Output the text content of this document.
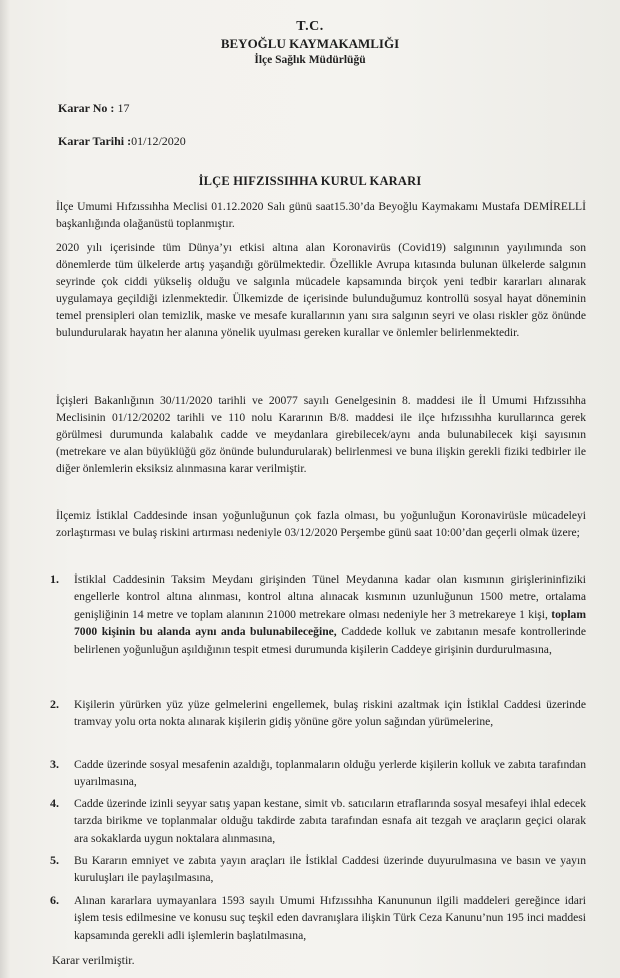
T.C.
BEYOĞLU KAYMAKAMLIĞI
İlçe Sağlık Müdürlüğü
Karar No : 17
Karar Tarihi :01/12/2020
İLÇE HIFZISSIHHA KURUL KARARI
İlçe Umumi Hıfzıssıhha Meclisi 01.12.2020 Salı günü saat15.30’da Beyoğlu Kaymakamı Mustafa DEMİRELLİ başkanlığında olağanüstü toplanmıştır.
2020 yılı içerisinde tüm Dünya’yı etkisi altına alan Koronavirüs (Covid19) salgınının yayılımında son dönemlerde tüm ülkelerde artış yaşandığı görülmektedir. Özellikle Avrupa kıtasında bulunan ülkelerde salgının seyrinde çok ciddi yükseliş olduğu ve salgınla mücadele kapsamında birçok yeni tedbir kararları alınarak uygulamaya geçildiği izlenmektedir. Ülkemizde de içerisinde bulunduğumuz kontrollü sosyal hayat döneminin temel prensipleri olan temizlik, maske ve mesafe kurallarının yanı sıra salgının seyri ve olası riskler göz önünde bulundurularak hayatın her alanına yönelik uyulması gereken kurallar ve önlemler belirlenmektedir.
İçişleri Bakanlığının 30/11/2020 tarihli ve 20077 sayılı Genelgesinin 8. maddesi ile İl Umumi Hıfzıssıhha Meclisinin 01/12/20202 tarihli ve 110 nolu Kararının B/8. maddesi ile ilçe hıfzıssıhha kurullarınca gerek görülmesi durumunda kalabalık cadde ve meydanlara girebilecek/aynı anda bulunabilecek kişi sayısının (metrekare ve alan büyüklüğü göz önünde bulundurularak) belirlenmesi ve buna ilişkin gerekli fiziki tedbirler ile diğer önlemlerin eksiksiz alınmasına karar verilmiştir.
İlçemiz İstiklal Caddesinde insan yoğunluğunun çok fazla olması, bu yoğunluğun Koronavirüsle mücadeleyi zorlaştırması ve bulaş riskini artırması nedeniyle 03/12/2020 Perşembe günü saat 10:00’dan geçerli olmak üzere;
1.	İstiklal Caddesinin Taksim Meydanı girişinden Tünel Meydanına kadar olan kısmının girişlerininfiziki engellerle kontrol altına alınması, kontrol altına alınacak kısmının uzunluğunun 1500 metre, ortalama genişliğinin 14 metre ve toplam alanının 21000 metrekare olması nedeniyle her 3 metrekareye 1 kişi, toplam 7000 kişinin bu alanda aynı anda bulunabileceğine, Caddede kolluk ve zabıtanın mesafe kontrollerinde belirlenen yoğunluğun aşıldığının tespit etmesi durumunda kişilerin Caddeye girişinin durdurulmasına,
2.	Kişilerin yürürken yüz yüze gelmelerini engellemek, bulaş riskini azaltmak için İstiklal Caddesi üzerinde tramvay yolu orta nokta alınarak kişilerin gidiş yönüne göre yolun sağından yürümelerine,
3.	Cadde üzerinde sosyal mesafenin azaldığı, toplanmaların olduğu yerlerde kişilerin kolluk ve zabıta tarafından uyarılmasına,
4.	Cadde üzerinde izinli seyyar satış yapan kestane, simit vb. satıcıların etraflarında sosyal mesafeyi ihlal edecek tarzda birikme ve toplanmalar olduğu takdirde zabıta tarafından esnafa ait tezgah ve araçların geçici olarak ara sokaklarda uygun noktalara alınmasına,
5.	Bu Kararın emniyet ve zabıta yayın araçları ile İstiklal Caddesi üzerinde duyurulmasına ve basın ve yayın kuruluşları ile paylaşılmasına,
6.	Alınan kararlara uymayanlara 1593 sayılı Umumi Hıfzıssıhha Kanununun ilgili maddeleri gereğince idari işlem tesis edilmesine ve konusu suç teşkil eden davranışlara ilişkin Türk Ceza Kanunu’nun 195 inci maddesi kapsamında gerekli adli işlemlerin başlatılmasına,
Karar verilmiştir.
